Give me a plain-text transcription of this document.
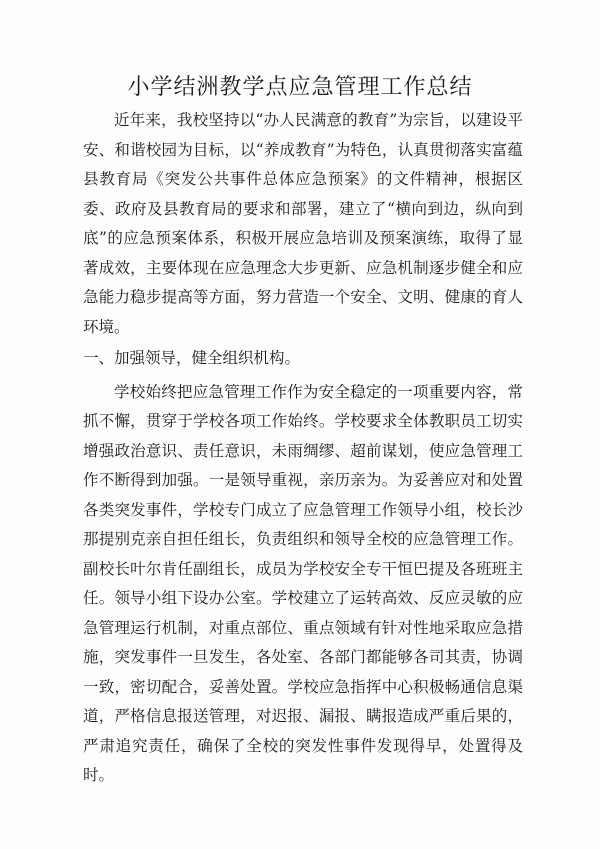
小学结洲教学点应急管理工作总结

近年来，我校坚持以“办人民满意的教育”为宗旨，以建设平安、和谐校园为目标，以“养成教育”为特色，认真贯彻落实富蕴县教育局《突发公共事件总体应急预案》的文件精神，根据区委、政府及县教育局的要求和部署，建立了“横向到边，纵向到底”的应急预案体系，积极开展应急培训及预案演练，取得了显著成效，主要体现在应急理念大步更新、应急机制逐步健全和应急能力稳步提高等方面，努力营造一个安全、文明、健康的育人环境。

一、加强领导，健全组织机构。

学校始终把应急管理工作作为安全稳定的一项重要内容，常抓不懈，贯穿于学校各项工作始终。学校要求全体教职员工切实增强政治意识、责任意识，未雨绸缪、超前谋划，使应急管理工作不断得到加强。一是领导重视，亲历亲为。为妥善应对和处置各类突发事件，学校专门成立了应急管理工作领导小组，校长沙那提别克亲自担任组长，负责组织和领导全校的应急管理工作。副校长叶尔肯任副组长，成员为学校安全专干恒巴提及各班班主任。领导小组下设办公室。学校建立了运转高效、反应灵敏的应急管理运行机制，对重点部位、重点领域有针对性地采取应急措施，突发事件一旦发生，各处室、各部门都能够各司其责，协调一致，密切配合，妥善处置。学校应急指挥中心积极畅通信息渠道，严格信息报送管理，对迟报、漏报、瞒报造成严重后果的，严肃追究责任，确保了全校的突发性事件发现得早，处置得及时。
